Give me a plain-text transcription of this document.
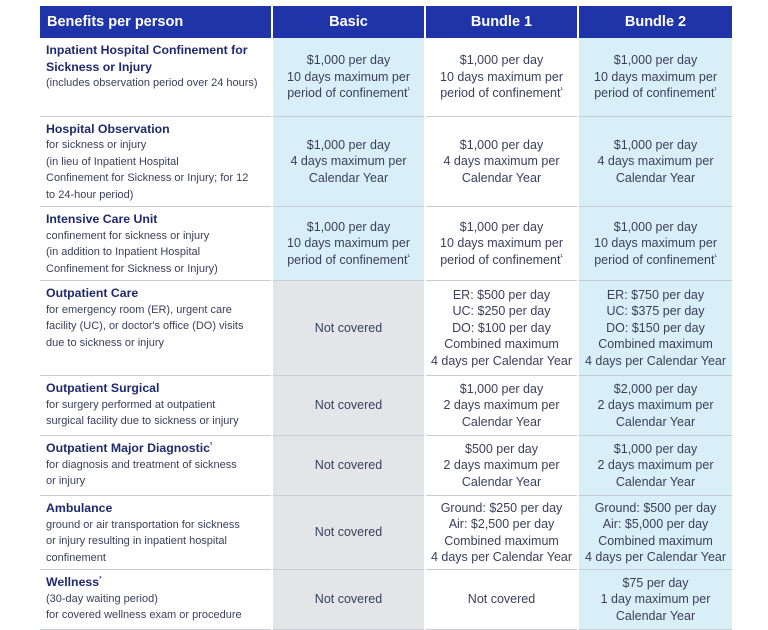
Benefits per person	Basic	Bundle 1	Bundle 2

Inpatient Hospital Confinement for Sickness or Injury
(includes observation period over 24 hours)	$1,000 per day
10 days maximum per
period of confinement$^{^1}$	$1,000 per day
10 days maximum per
period of confinement$^{^1}$	$1,000 per day
10 days maximum per
period of confinement$^{^1}$

Hospital Observation
for sickness or injury
(in lieu of Inpatient Hospital
Confinement for Sickness or Injury; for 12
to 24-hour period)	$1,000 per day
4 days maximum per
Calendar Year	$1,000 per day
4 days maximum per
Calendar Year	$1,000 per day
4 days maximum per
Calendar Year

Intensive Care Unit
confinement for sickness or injury
(in addition to Inpatient Hospital
Confinement for Sickness or Injury)	$1,000 per day
10 days maximum per
period of confinement$^{^1}$	$1,000 per day
10 days maximum per
period of confinement$^{^1}$	$1,000 per day
10 days maximum per
period of confinement$^{^1}$

Outpatient Care
for emergency room (ER), urgent care
facility (UC), or doctor's office (DO) visits
due to sickness or injury	Not covered	ER: $500 per day
UC: $250 per day
DO: $100 per day
Combined maximum
4 days per Calendar Year	ER: $750 per day
UC: $375 per day
DO: $150 per day
Combined maximum
4 days per Calendar Year

Outpatient Surgical
for surgery performed at outpatient
surgical facility due to sickness or injury	Not covered	$1,000 per day
2 days maximum per
Calendar Year	$2,000 per day
2 days maximum per
Calendar Year

Outpatient Major Diagnostic$^{^2}$
for diagnosis and treatment of sickness
or injury	Not covered	$500 per day
2 days maximum per
Calendar Year	$1,000 per day
2 days maximum per
Calendar Year

Ambulance
ground or air transportation for sickness
or injury resulting in inpatient hospital
confinement	Not covered	Ground: $250 per day
Air: $2,500 per day
Combined maximum
4 days per Calendar Year	Ground: $500 per day
Air: $5,000 per day
Combined maximum
4 days per Calendar Year

Wellness$^{^3}$
(30-day waiting period)
for covered wellness exam or procedure	Not covered	Not covered	$75 per day
1 day maximum per
Calendar Year
